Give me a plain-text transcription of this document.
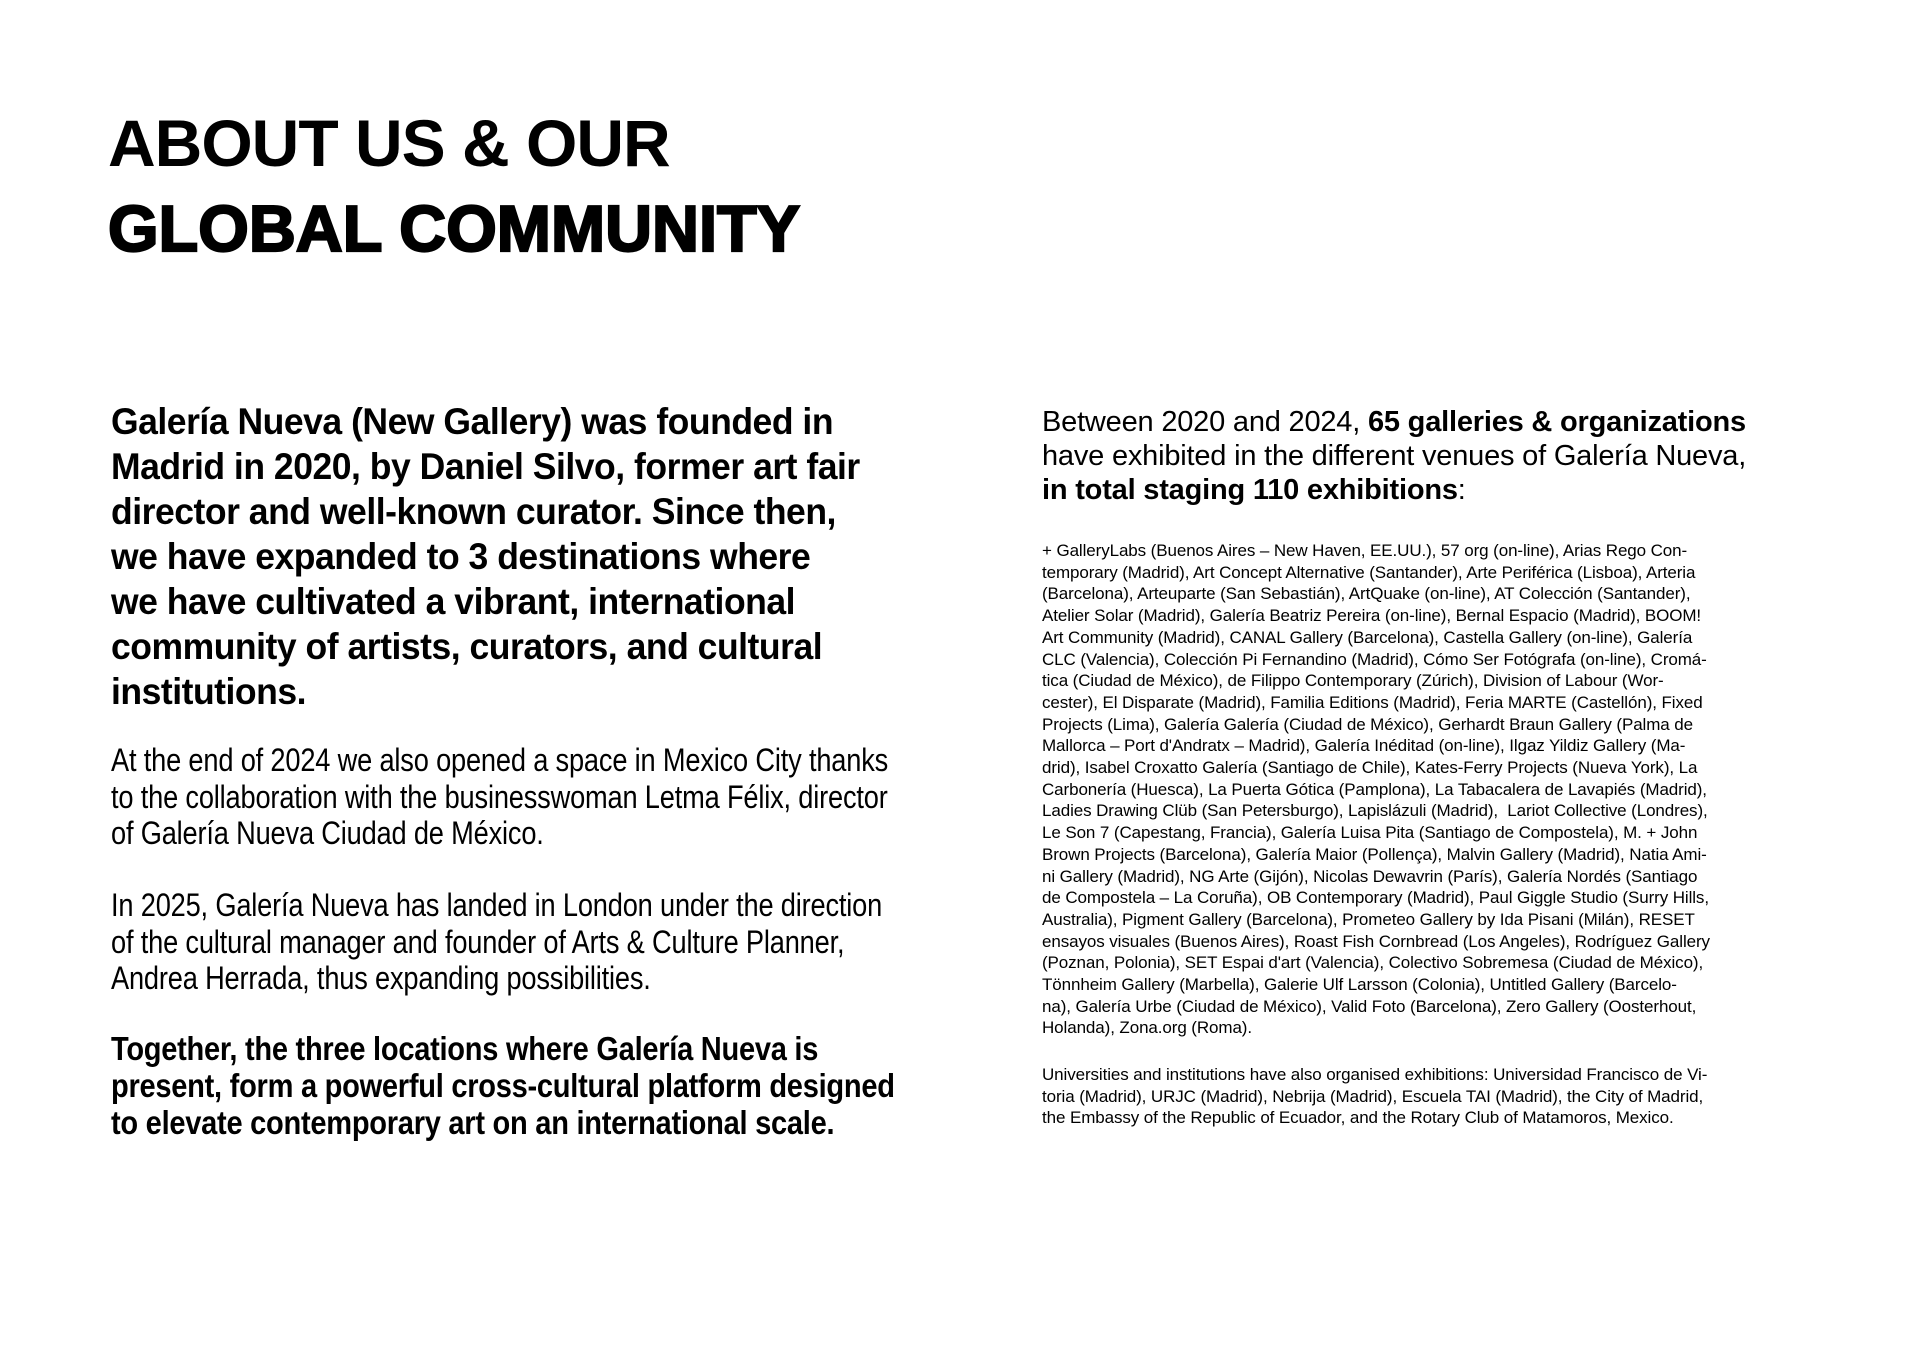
ABOUT US & OUR
GLOBAL COMMUNITY
Galería Nueva (New Gallery) was founded in
Madrid in 2020, by Daniel Silvo, former art fair
director and well-known curator. Since then,
we have expanded to 3 destinations where
we have cultivated a vibrant, international
community of artists, curators, and cultural
institutions.
At the end of 2024 we also opened a space in Mexico City thanks
to the collaboration with the businesswoman Letma Félix, director
of Galería Nueva Ciudad de México.
In 2025, Galería Nueva has landed in London under the direction
of the cultural manager and founder of Arts & Culture Planner,
Andrea Herrada, thus expanding possibilities.
Together, the three locations where Galería Nueva is
present, form a powerful cross-cultural platform designed
to elevate contemporary art on an international scale.
Between 2020 and 2024, 65 galleries & organizations
have exhibited in the different venues of Galería Nueva,
in total staging 110 exhibitions:
+ GalleryLabs (Buenos Aires – New Haven, EE.UU.), 57 org (on-line), Arias Rego Con-
temporary (Madrid), Art Concept Alternative (Santander), Arte Periférica (Lisboa), Arteria
(Barcelona), Arteuparte (San Sebastián), ArtQuake (on-line), AT Colección (Santander),
Atelier Solar (Madrid), Galería Beatriz Pereira (on-line), Bernal Espacio (Madrid), BOOM!
Art Community (Madrid), CANAL Gallery (Barcelona), Castella Gallery (on-line), Galería
CLC (Valencia), Colección Pi Fernandino (Madrid), Cómo Ser Fotógrafa (on-line), Cromá-
tica (Ciudad de México), de Filippo Contemporary (Zúrich), Division of Labour (Wor-
cester), El Disparate (Madrid), Familia Editions (Madrid), Feria MARTE (Castellón), Fixed
Projects (Lima), Galería Galería (Ciudad de México), Gerhardt Braun Gallery (Palma de
Mallorca – Port d'Andratx – Madrid), Galería Inéditad (on-line), Ilgaz Yildiz Gallery (Ma-
drid), Isabel Croxatto Galería (Santiago de Chile), Kates-Ferry Projects (Nueva York), La
Carbonería (Huesca), La Puerta Gótica (Pamplona), La Tabacalera de Lavapiés (Madrid),
Ladies Drawing Clüb (San Petersburgo), Lapislázuli (Madrid),  Lariot Collective (Londres),
Le Son 7 (Capestang, Francia), Galería Luisa Pita (Santiago de Compostela), M. + John
Brown Projects (Barcelona), Galería Maior (Pollença), Malvin Gallery (Madrid), Natia Ami-
ni Gallery (Madrid), NG Arte (Gijón), Nicolas Dewavrin (París), Galería Nordés (Santiago
de Compostela – La Coruña), OB Contemporary (Madrid), Paul Giggle Studio (Surry Hills,
Australia), Pigment Gallery (Barcelona), Prometeo Gallery by Ida Pisani (Milán), RESET
ensayos visuales (Buenos Aires), Roast Fish Cornbread (Los Angeles), Rodríguez Gallery
(Poznan, Polonia), SET Espai d'art (Valencia), Colectivo Sobremesa (Ciudad de México),
Tönnheim Gallery (Marbella), Galerie Ulf Larsson (Colonia), Untitled Gallery (Barcelo-
na), Galería Urbe (Ciudad de México), Valid Foto (Barcelona), Zero Gallery (Oosterhout,
Holanda), Zona.org (Roma).
Universities and institutions have also organised exhibitions: Universidad Francisco de Vi-
toria (Madrid), URJC (Madrid), Nebrija (Madrid), Escuela TAI (Madrid), the City of Madrid,
the Embassy of the Republic of Ecuador, and the Rotary Club of Matamoros, Mexico.
